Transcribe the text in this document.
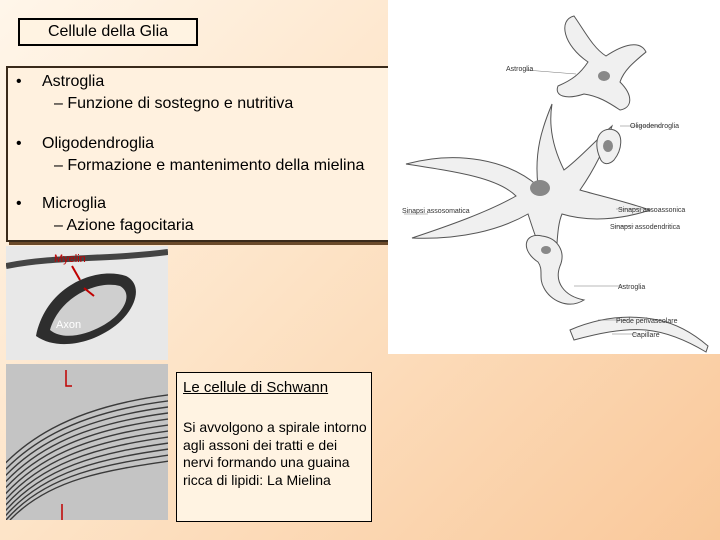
Cellule della Glia
• Astroglia
– Funzione di sostegno e nutritiva
• Oligodendroglia
– Formazione e mantenimento della mielina
• Microglia
– Azione fagocitaria
Astroglia
Oligodendroglia
Sinapsi assosomatica	Sinapsi assoassonica
Sinapsi assodendritica
Astroglia
Piede perivascolare
Capillare
Myelin
Axon
Le cellule di Schwann
Si avvolgono a spirale intorno agli assoni dei tratti e dei nervi formando una guaina ricca di lipidi: La Mielina
